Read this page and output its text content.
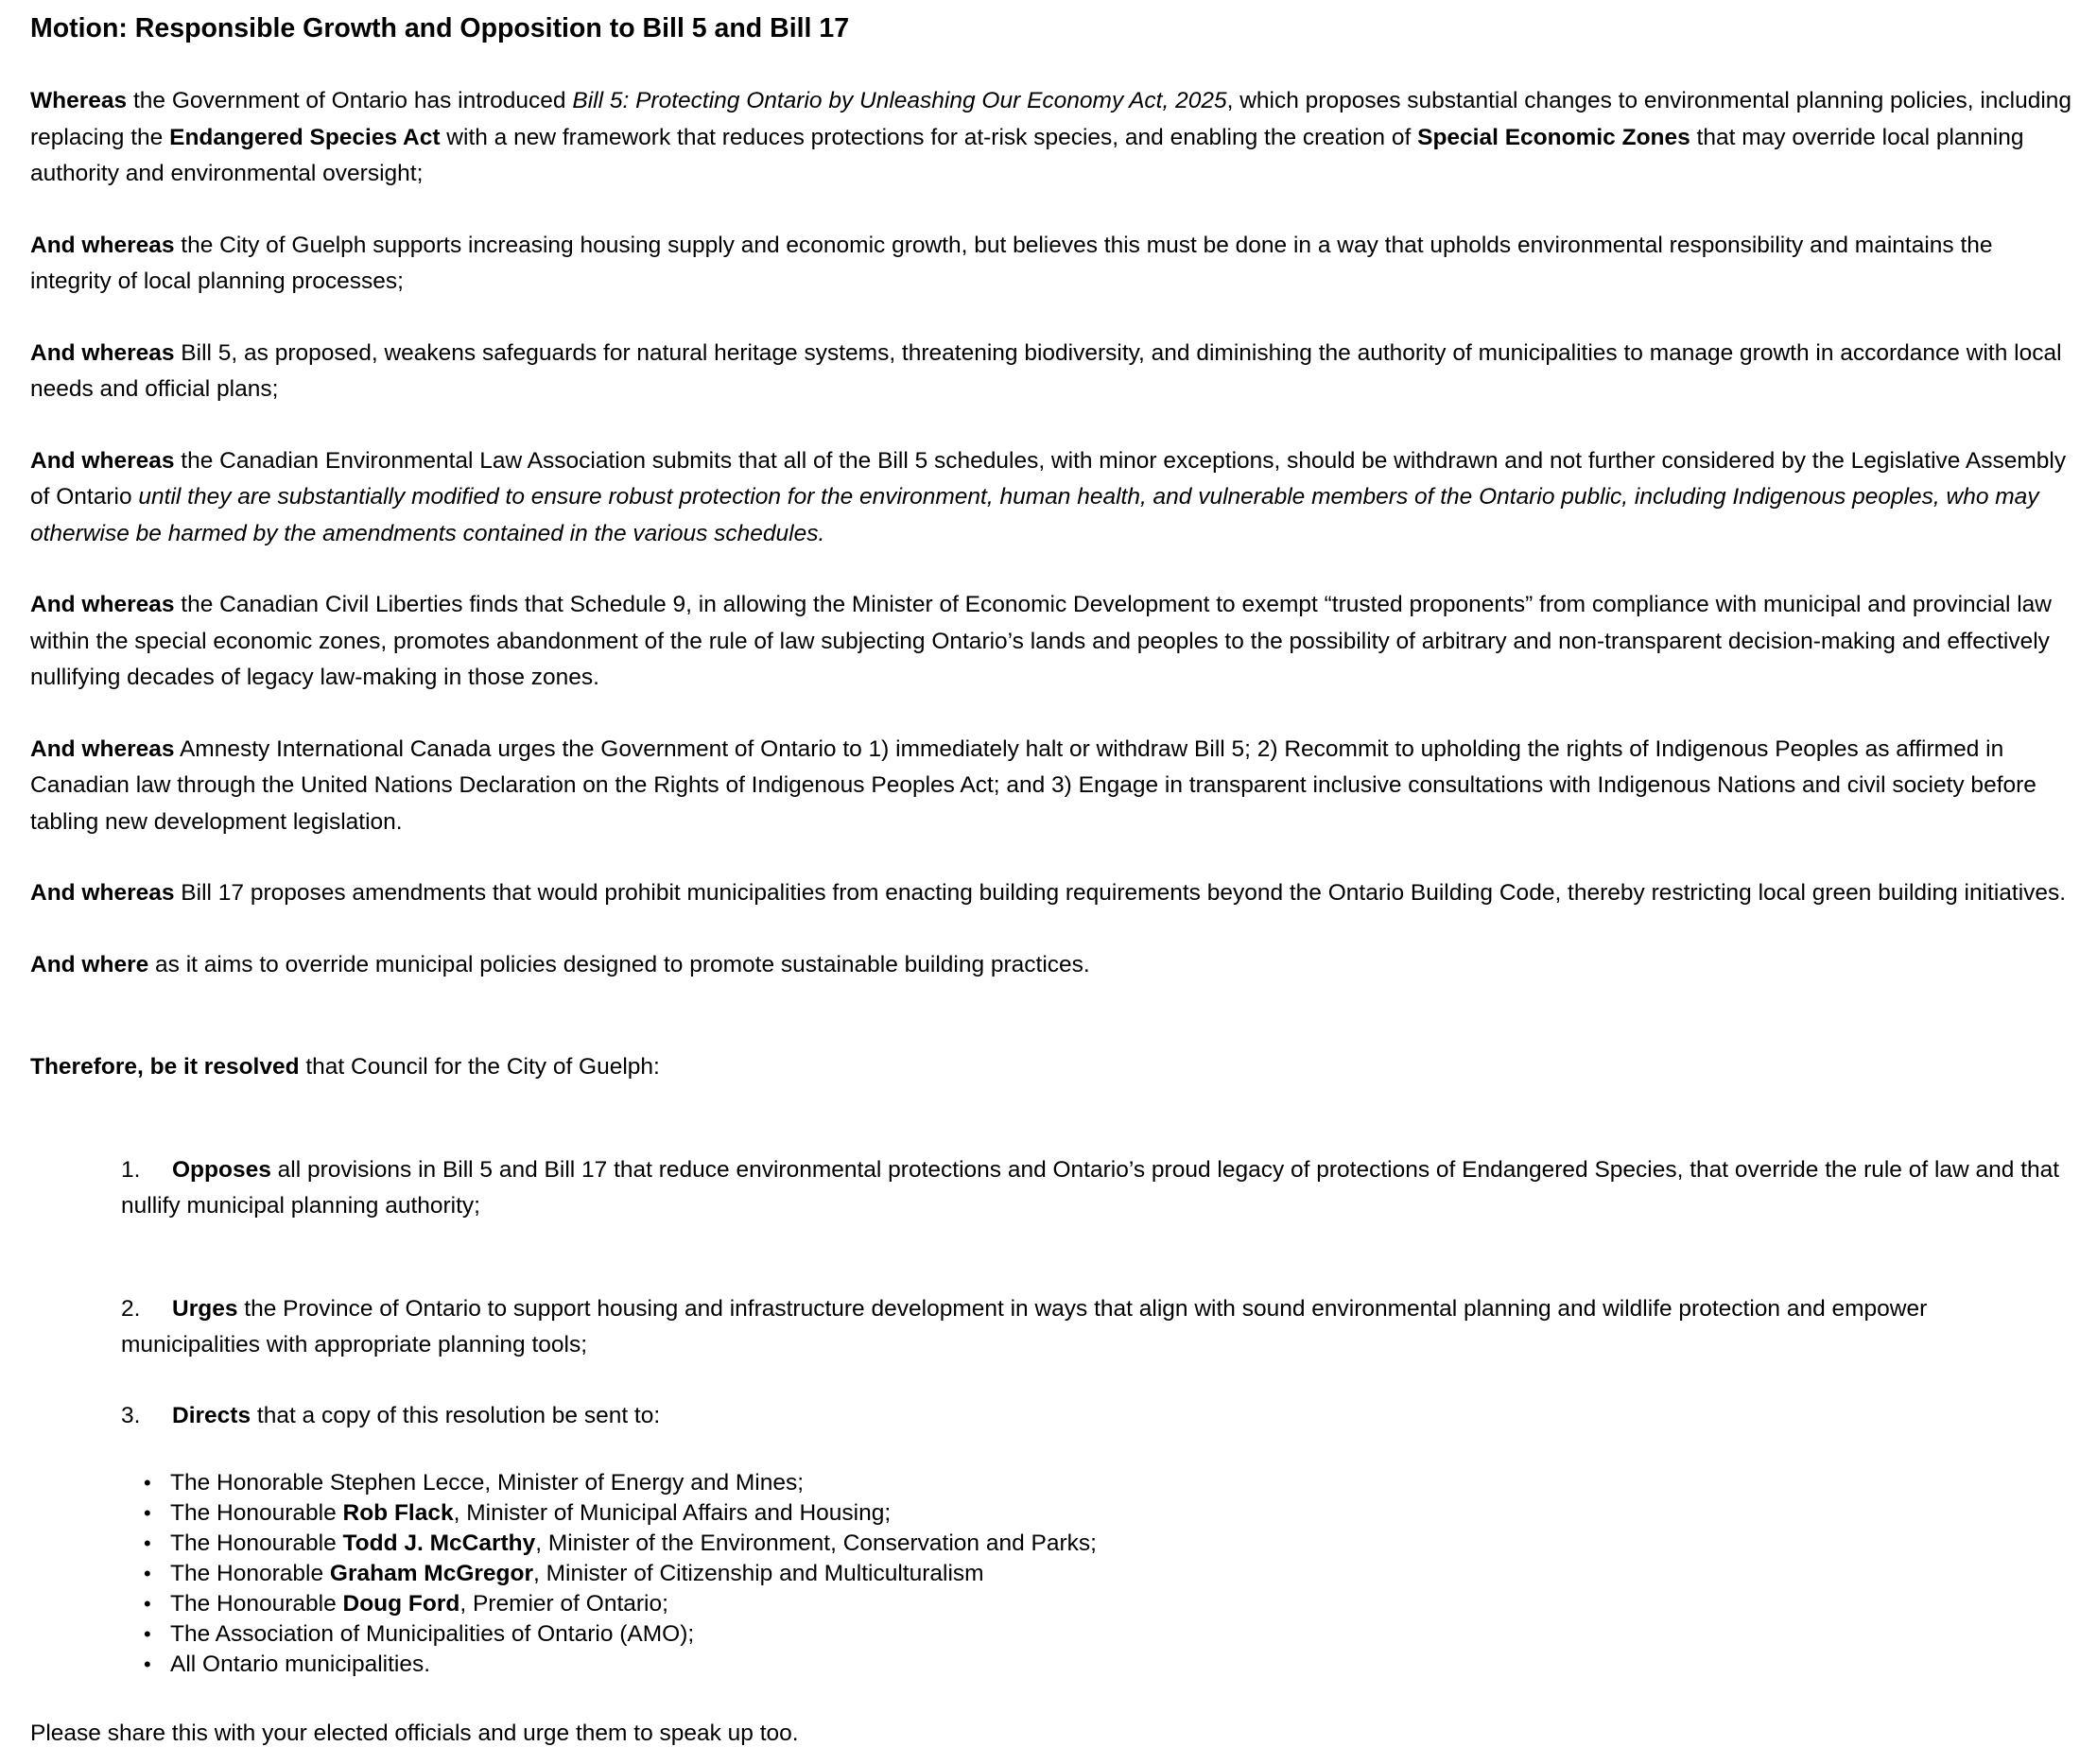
Motion: Responsible Growth and Opposition to Bill 5 and Bill 17

Whereas the Government of Ontario has introduced Bill 5: Protecting Ontario by Unleashing Our Economy Act, 2025, which proposes substantial changes to environmental planning policies, including replacing the Endangered Species Act with a new framework that reduces protections for at-risk species, and enabling the creation of Special Economic Zones that may override local planning authority and environmental oversight;

And whereas the City of Guelph supports increasing housing supply and economic growth, but believes this must be done in a way that upholds environmental responsibility and maintains the integrity of local planning processes;

And whereas Bill 5, as proposed, weakens safeguards for natural heritage systems, threatening biodiversity, and diminishing the authority of municipalities to manage growth in accordance with local needs and official plans;

And whereas the Canadian Environmental Law Association submits that all of the Bill 5 schedules, with minor exceptions, should be withdrawn and not further considered by the Legislative Assembly of Ontario until they are substantially modified to ensure robust protection for the environment, human health, and vulnerable members of the Ontario public, including Indigenous peoples, who may otherwise be harmed by the amendments contained in the various schedules.

And whereas the Canadian Civil Liberties finds that Schedule 9, in allowing the Minister of Economic Development to exempt “trusted proponents” from compliance with municipal and provincial law within the special economic zones, promotes abandonment of the rule of law subjecting Ontario’s lands and peoples to the possibility of arbitrary and non-transparent decision-making and effectively nullifying decades of legacy law-making in those zones.

And whereas Amnesty International Canada urges the Government of Ontario to 1) immediately halt or withdraw Bill 5; 2) Recommit to upholding the rights of Indigenous Peoples as affirmed in Canadian law through the United Nations Declaration on the Rights of Indigenous Peoples Act; and 3) Engage in transparent inclusive consultations with Indigenous Nations and civil society before tabling new development legislation.

And whereas Bill 17 proposes amendments that would prohibit municipalities from enacting building requirements beyond the Ontario Building Code, thereby restricting local green building initiatives.

And where as it aims to override municipal policies designed to promote sustainable building practices.

Therefore, be it resolved that Council for the City of Guelph:

1. Opposes all provisions in Bill 5 and Bill 17 that reduce environmental protections and Ontario’s proud legacy of protections of Endangered Species, that override the rule of law and that nullify municipal planning authority;
2. Urges the Province of Ontario to support housing and infrastructure development in ways that align with sound environmental planning and wildlife protection and empower municipalities with appropriate planning tools;
3. Directs that a copy of this resolution be sent to:
• The Honorable Stephen Lecce, Minister of Energy and Mines;
• The Honourable Rob Flack, Minister of Municipal Affairs and Housing;
• The Honourable Todd J. McCarthy, Minister of the Environment, Conservation and Parks;
• The Honorable Graham McGregor, Minister of Citizenship and Multiculturalism
• The Honourable Doug Ford, Premier of Ontario;
• The Association of Municipalities of Ontario (AMO);
• All Ontario municipalities.

Please share this with your elected officials and urge them to speak up too.
